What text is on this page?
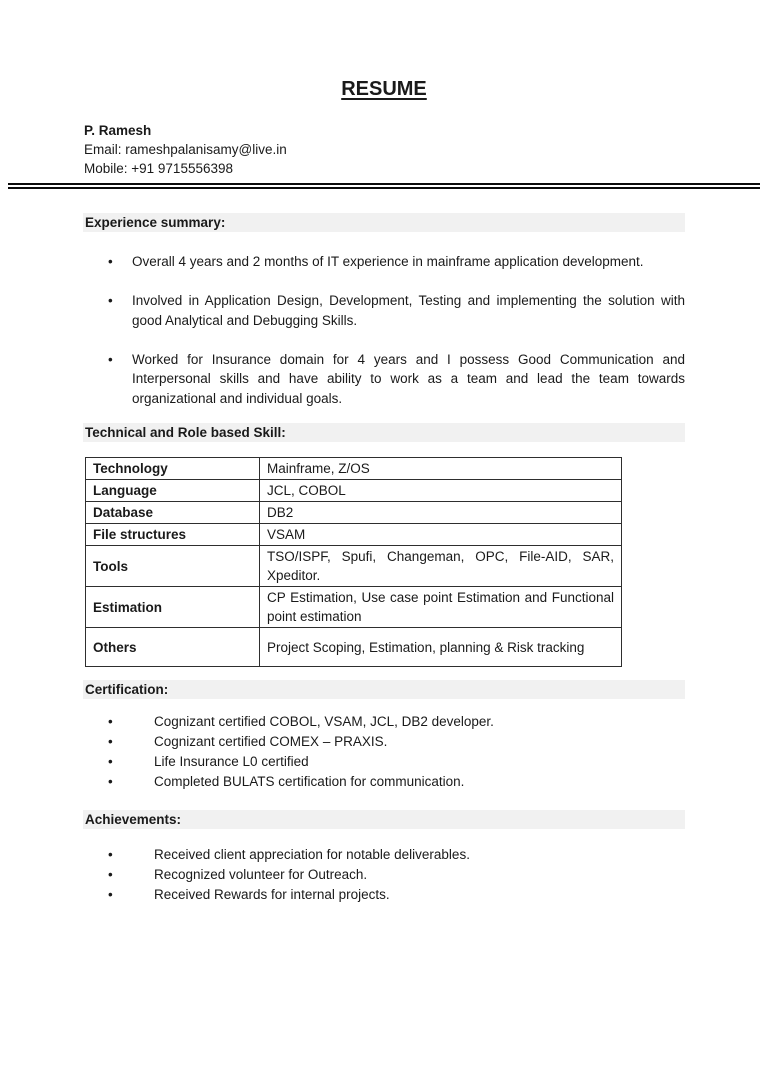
RESUME
P. Ramesh
Email: rameshpalanisamy@live.in
Mobile: +91 9715556398
Experience summary:
• Overall 4 years and 2 months of IT experience in mainframe application development.
• Involved in Application Design, Development, Testing and implementing the solution with good Analytical and Debugging Skills.
• Worked for Insurance domain for 4 years and I possess Good Communication and Interpersonal skills and have ability to work as a team and lead the team towards organizational and individual goals.
Technical and Role based Skill:
Technology	Mainframe, Z/OS
Language	JCL, COBOL
Database	DB2
File structures	VSAM
Tools	TSO/ISPF, Spufi, Changeman, OPC, File-AID, SAR, Xpeditor.
Estimation	CP Estimation, Use case point Estimation and Functional point estimation
Others	Project Scoping, Estimation, planning & Risk tracking
Certification:
• Cognizant certified COBOL, VSAM, JCL, DB2 developer.
• Cognizant certified COMEX – PRAXIS.
• Life Insurance L0 certified
• Completed BULATS certification for communication.
Achievements:
• Received client appreciation for notable deliverables.
• Recognized volunteer for Outreach.
• Received Rewards for internal projects.
